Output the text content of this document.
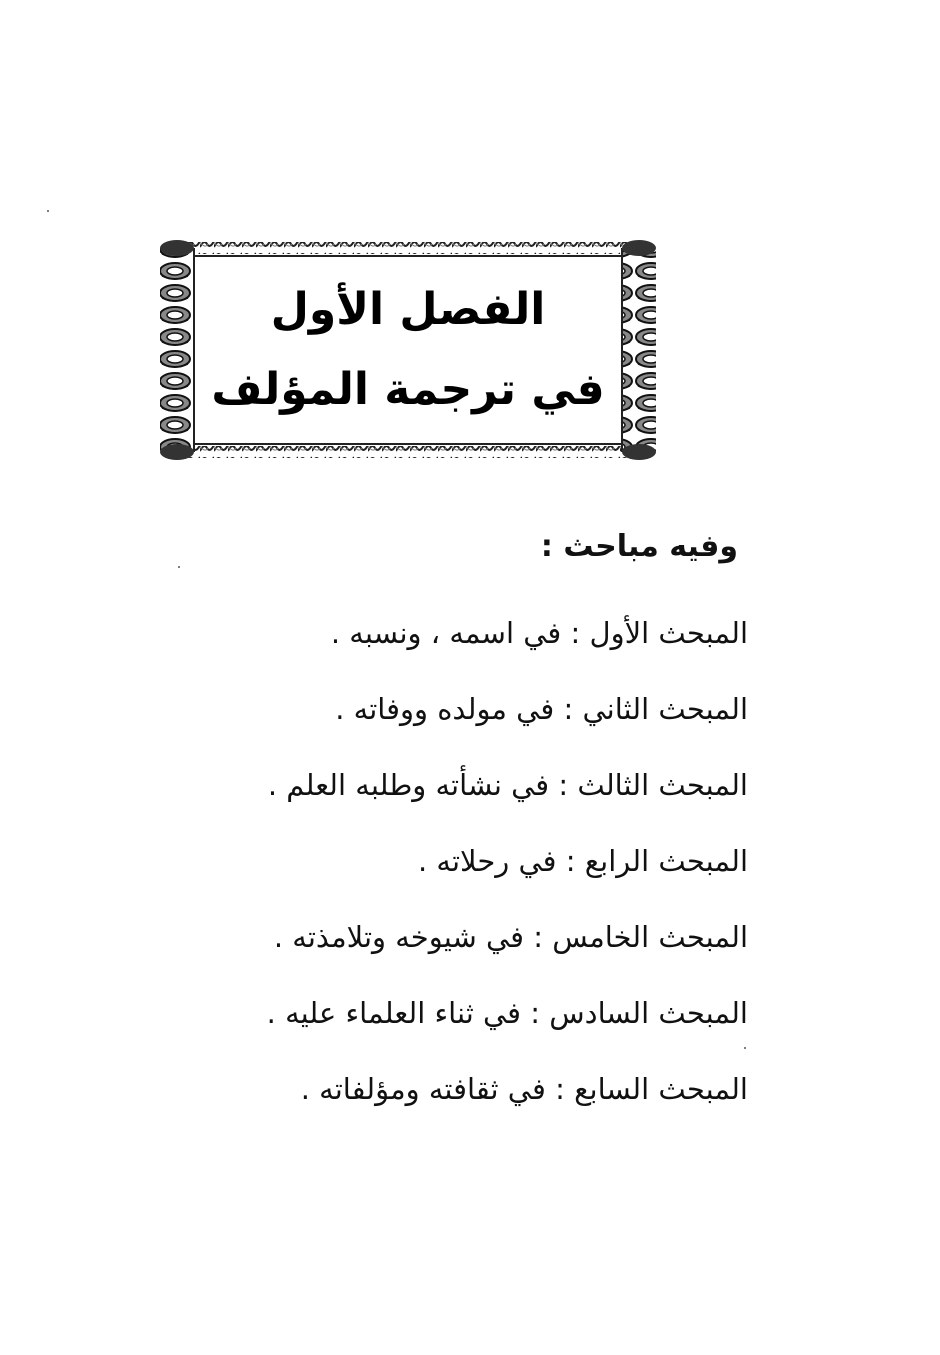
الفصل الأول
في ترجمة المؤلف
وفيه مباحث :
المبحث الأول : في اسمه ، ونسبه .
المبحث الثاني : في مولده ووفاته .
المبحث الثالث : في نشأته وطلبه العلم .
المبحث الرابع : في رحلاته .
المبحث الخامس : في شيوخه وتلامذته .
المبحث السادس : في ثناء العلماء عليه .
المبحث السابع : في ثقافته ومؤلفاته .
